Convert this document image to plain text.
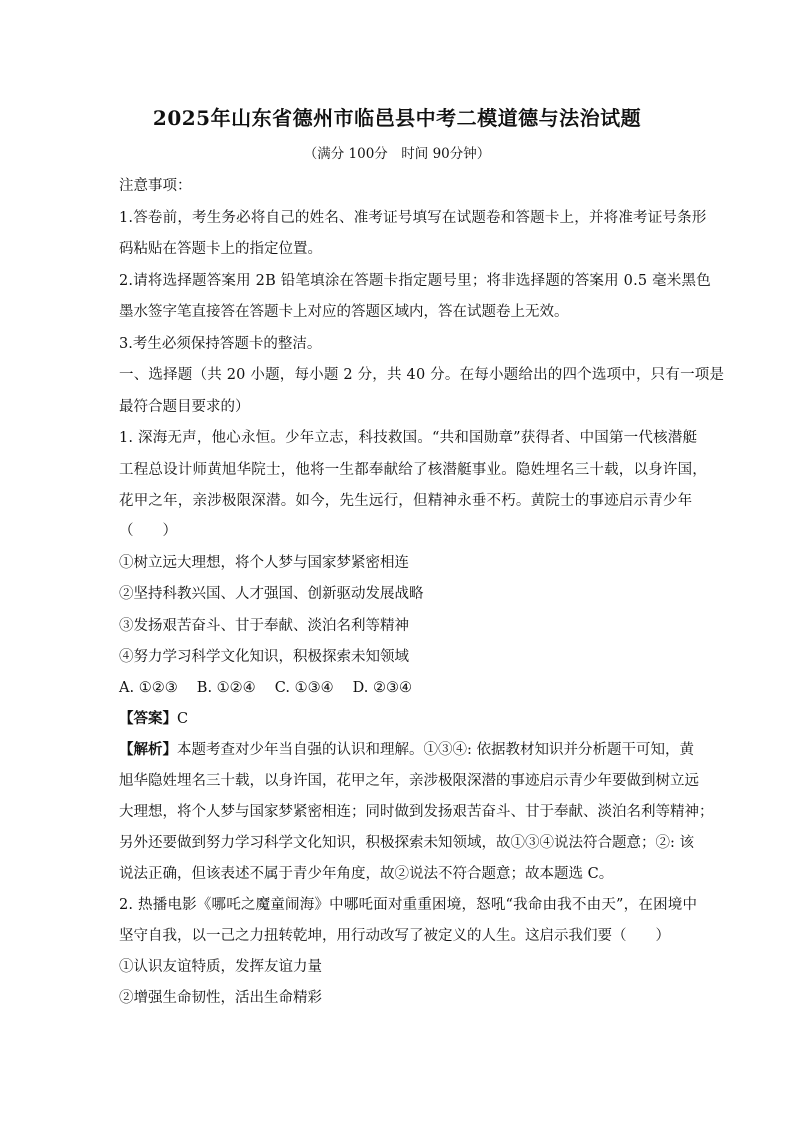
2025年山东省德州市临邑县中考二模道德与法治试题
（满分 100分　时间 90分钟）
注意事项：
1.答卷前，考生务必将自己的姓名、准考证号填写在试题卷和答题卡上，并将准考证号条形
码粘贴在答题卡上的指定位置。
2.请将选择题答案用 2B 铅笔填涂在答题卡指定题号里；将非选择题的答案用 0.5 毫米黑色
墨水签字笔直接答在答题卡上对应的答题区域内，答在试题卷上无效。
3.考生必须保持答题卡的整洁。
一、选择题（共 20 小题，每小题 2 分，共 40 分。在每小题给出的四个选项中，只有一项是
最符合题目要求的）
1. 深海无声，他心永恒。少年立志，科技救国。“共和国勋章”获得者、中国第一代核潜艇
工程总设计师黄旭华院士，他将一生都奉献给了核潜艇事业。隐姓埋名三十载，以身许国，
花甲之年，亲涉极限深潜。如今，先生远行，但精神永垂不朽。黄院士的事迹启示青少年
（　　）
①树立远大理想，将个人梦与国家梦紧密相连
②坚持科教兴国、人才强国、创新驱动发展战略
③发扬艰苦奋斗、甘于奉献、淡泊名利等精神
④努力学习科学文化知识，积极探索未知领域
A. ①②③　 B. ①②④　 C. ①③④　 D. ②③④
【答案】C
【解析】本题考查对少年当自强的认识和理解。①③④: 依据教材知识并分析题干可知，黄
旭华隐姓埋名三十载，以身许国，花甲之年，亲涉极限深潜的事迹启示青少年要做到树立远
大理想，将个人梦与国家梦紧密相连；同时做到发扬艰苦奋斗、甘于奉献、淡泊名利等精神；
另外还要做到努力学习科学文化知识，积极探索未知领域，故①③④说法符合题意；②: 该
说法正确，但该表述不属于青少年角度，故②说法不符合题意；故本题选 C。
2. 热播电影《哪吒之魔童闹海》中哪吒面对重重困境，怒吼“我命由我不由天”，在困境中
坚守自我，以一己之力扭转乾坤，用行动改写了被定义的人生。这启示我们要（　　）
①认识友谊特质，发挥友谊力量
②增强生命韧性，活出生命精彩
